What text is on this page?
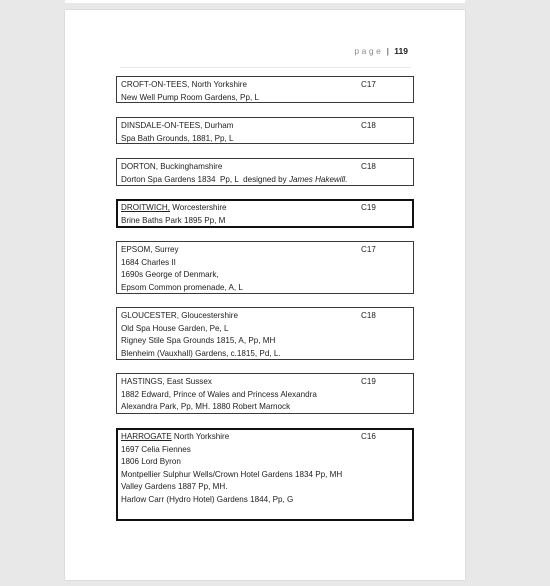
page | 119
CROFT-ON-TEES, North Yorkshire	C17
New Well Pump Room Gardens, Pp, L
DINSDALE-ON-TEES, Durham	C18
Spa Bath Grounds, 1881, Pp, L
DORTON, Buckinghamshire	C18
Dorton Spa Gardens 1834  Pp, L  designed by James Hakewill.
DROITWICH, Worcestershire	C19
Brine Baths Park 1895 Pp, M
EPSOM, Surrey	C17
1684 Charles II
1690s George of Denmark,
Epsom Common promenade, A, L
GLOUCESTER, Gloucestershire	C18
Old Spa House Garden, Pe, L
Rigney Stile Spa Grounds 1815, A, Pp, MH
Blenheim (Vauxhall) Gardens, c.1815, Pd, L.
HASTINGS, East Sussex	C19
1882 Edward, Prince of Wales and Princess Alexandra
Alexandra Park, Pp, MH. 1880 Robert Marnock
HARROGATE North Yorkshire	C16
1697 Celia Fiennes
1806 Lord Byron
Montpellier Sulphur Wells/Crown Hotel Gardens 1834 Pp, MH
Valley Gardens 1887 Pp, MH.
Harlow Carr (Hydro Hotel) Gardens 1844, Pp, G
